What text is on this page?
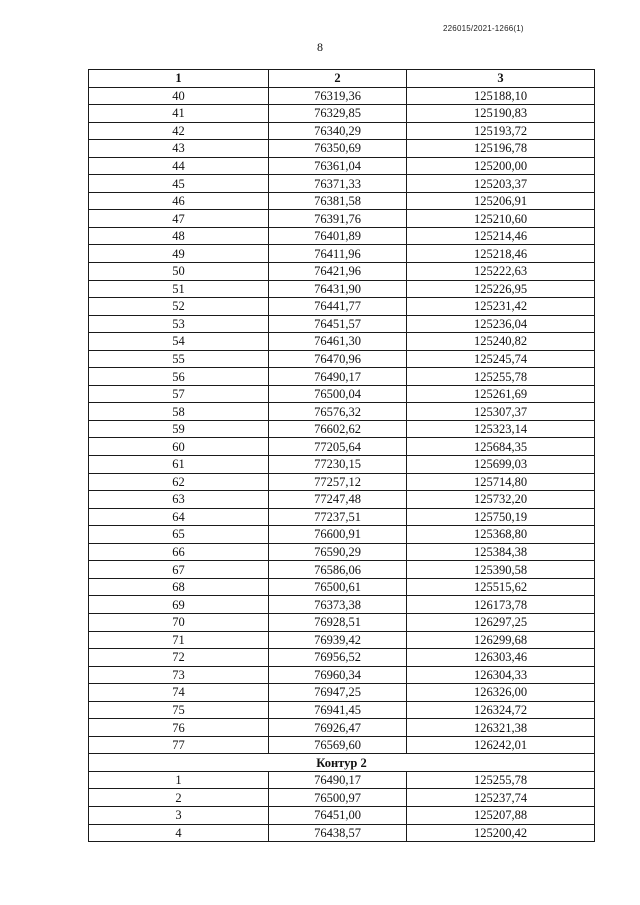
226015/2021-1266(1)
8
1	2	3
40	76319,36	125188,10
41	76329,85	125190,83
42	76340,29	125193,72
43	76350,69	125196,78
44	76361,04	125200,00
45	76371,33	125203,37
46	76381,58	125206,91
47	76391,76	125210,60
48	76401,89	125214,46
49	76411,96	125218,46
50	76421,96	125222,63
51	76431,90	125226,95
52	76441,77	125231,42
53	76451,57	125236,04
54	76461,30	125240,82
55	76470,96	125245,74
56	76490,17	125255,78
57	76500,04	125261,69
58	76576,32	125307,37
59	76602,62	125323,14
60	77205,64	125684,35
61	77230,15	125699,03
62	77257,12	125714,80
63	77247,48	125732,20
64	77237,51	125750,19
65	76600,91	125368,80
66	76590,29	125384,38
67	76586,06	125390,58
68	76500,61	125515,62
69	76373,38	126173,78
70	76928,51	126297,25
71	76939,42	126299,68
72	76956,52	126303,46
73	76960,34	126304,33
74	76947,25	126326,00
75	76941,45	126324,72
76	76926,47	126321,38
77	76569,60	126242,01
Контур 2		
1	76490,17	125255,78
2	76500,97	125237,74
3	76451,00	125207,88
4	76438,57	125200,42
